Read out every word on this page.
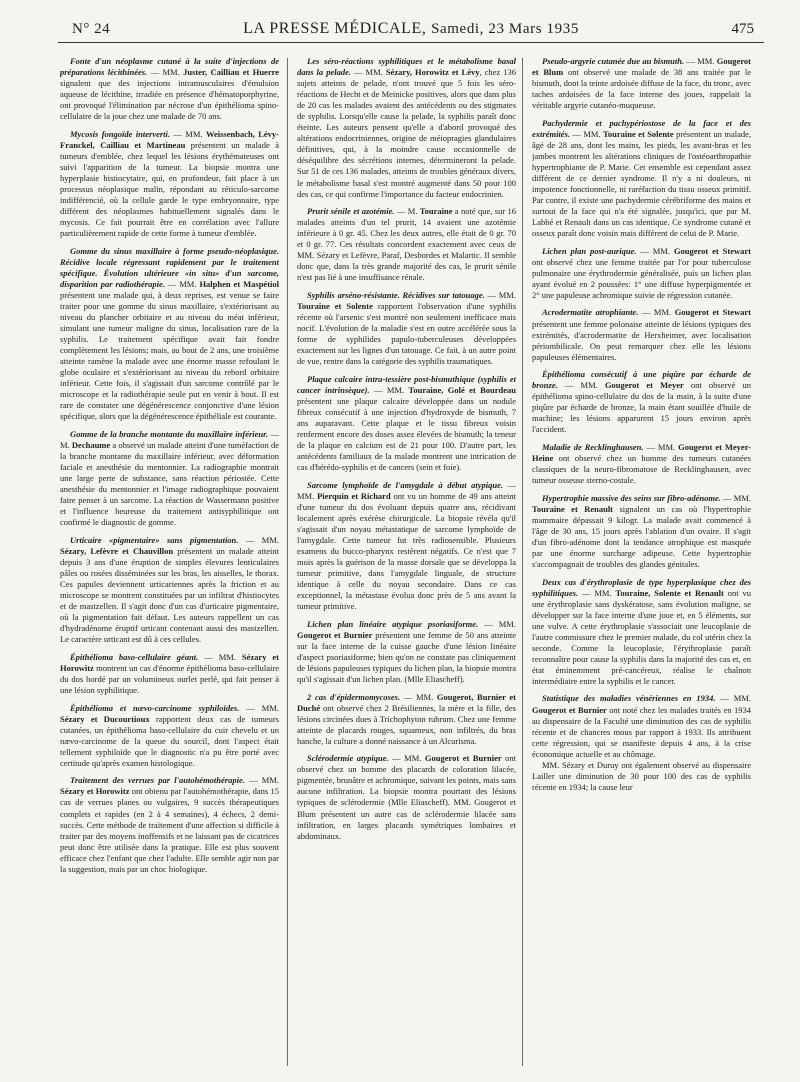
N° 24	LA PRESSE MÉDICALE, Samedi, 23 Mars 1935	475

Fonte d'un néoplasme cutané à la suite d'injections de préparations lécithinées. — MM. Juster, Cailliau et Huerre signalent que des injections intramusculaires d'émulsion aqueuse de lécithine, irradiée en présence d'hématoporphyrine, ont provoqué l'élimination par nécrose d'un épithélioma spino-cellulaire de la joue chez une malade de 70 ans.

Mycosis fongoïde interverti. — MM. Weissenbach, Lévy-Franckel, Cailliau et Martineau présentent un malade à tumeurs d'emblée, chez lequel les lésions érythémateuses ont suivi l'apparition de la tumeur. La biopsie montra une hyperplasie histiocytaire, qui, en profondeur, fait place à un processus néoplasique malin, répondant au réticulo-sarcome indifférencié, où la cellule garde le type embryonnaire, type différent des néoplasmes habituellement signalés dans le mycosis. Ce fait pourrait être en corrélation avec l'allure particulièrement rapide de cette forme à tumeur d'emblée.

Gomme du sinus maxillaire à forme pseudo-néoplasique. Récidive locale régressant rapidement par le traitement spécifique. Évolution ultérieure «in situ» d'un sarcome, disparition par radiothérapie. — MM. Halphen et Maspétiol présentent une malade qui, à deux reprises, est venue se faire traiter pour une gomme du sinus maxillaire, s'extériorisant au niveau du plancher orbitaire et au niveau du méat inférieur, simulant une tumeur maligne du sinus, localisation rare de la syphilis. Le traitement spécifique avait fait fondre complètement les lésions; mais, au bout de 2 ans, une troisième atteinte ramène la malade avec une énorme masse refoulant le globe oculaire et s'extériorisant au niveau du rebord orbitaire inférieur. Cette fois, il s'agissait d'un sarcome contrôlé par le microscope et la radiothérapie seule put en venir à bout. Il est rare de constater une dégénérescence conjonctive d'une lésion spécifique, alors que la dégénérescence épithéliale est courante.

Gomme de la branche montante du maxillaire inférieur. — M. Dechaume a observé un malade atteint d'une tuméfaction de la branche montante du maxillaire inférieur, avec déformation faciale et anesthésie du mentonnier. La radiographie montrait une large perte de substance, sans réaction périostée. Cette anesthésie du mentonnier et l'image radiographique pouvaient faire penser à un sarcome. La réaction de Wassermann positive et l'influence heureuse du traitement antisyphilitique ont confirmé le diagnostic de gomme.

Urticaire «pigmentaire» sans pigmentation. — MM. Sézary, Lefèvre et Chauvillon présentent un malade atteint depuis 3 ans d'une éruption de simples élevures lenticulaires pâles ou rosées disséminées sur les bras, les aisselles, le thorax. Ces papules deviennent urticariennes après la friction et au microscope se montrent constituées par un infiltrat d'histiocytes et de mastzellen. Il s'agit donc d'un cas d'urticaire pigmentaire, où la pigmentation fait défaut. Les auteurs rappellent un cas d'hydradénome éruptif urticant contenant aussi des mastzellen. Le caractère urticant est dû à ces cellules.

Épithélioma baso-cellulaire géant. — MM. Sézary et Horowitz montrent un cas d'énorme épithélioma baso-cellulaire du dos bordé par un volumineux ourlet perlé, qui fait penser à une lésion syphilitique.

Épithélioma et nævo-carcinome syphiloïdes. — MM. Sézary et Ducourtioux rapportent deux cas de tumeurs cutanées, un épithélioma baso-cellulaire du cuir chevelu et un nævo-carcinome de la queue du sourcil, dont l'aspect était tellement syphiloïde que le diagnostic n'a pu être porté avec certitude qu'après examen histologique.

Traitement des verrues par l'autohémothérapie. — MM. Sézary et Horowitz ont obtenu par l'autohémothérapie, dans 15 cas de verrues planes ou vulgaires, 9 succès thérapeutiques complets et rapides (en 2 à 4 semaines), 4 échecs, 2 demi-succès. Cette méthode de traitement d'une affection si difficile à traiter par des moyens inoffensifs et ne laissant pas de cicatrices peut donc être utilisée dans la pratique. Elle est plus souvent efficace chez l'enfant que chez l'adulte. Elle semble agir non par la suggestion, mais par un choc biologique.

Les séro-réactions syphilitiques et le métabolisme basal dans la pelade. — MM. Sézary, Horowitz et Lévy, chez 136 sujets atteints de pelade, n'ont trouvé que 5 fois les séro-réactions de Hecht et de Meinicke positives, alors que dans plus de 20 cas les malades avaient des antécédents ou des stigmates de syphilis. Lorsqu'elle cause la pelade, la syphilis paraît donc éteinte. Les auteurs pensent qu'elle a d'abord provoqué des altérations endocriniennes, origine de méiopragies glandulaires définitives, qui, à la moindre cause occasionnelle de déséquilibre des sécrétions internes, détermineront la pelade. Sur 51 de ces 136 malades, atteints de troubles généraux divers, le métabolisme basal s'est montré augmenté dans 50 pour 100 des cas, ce qui confirme l'importance du facteur endocrinien.

Prurit sénile et azotémie. — M. Touraine a noté que, sur 16 malades atteints d'un tel prurit, 14 avaient une azotémie inférieure à 0 gr. 45. Chez les deux autres, elle était de 0 gr. 70 et 0 gr. 77. Ces résultats concordent exactement avec ceux de MM. Sézary et Lefèvre, Paraf, Desbordes et Malartic. Il semble donc que, dans la très grande majorité des cas, le prurit sénile n'est pas lié à une insuffisance rénale.

Syphilis arséno-résistante. Récidives sur tatouage. — MM. Touraine et Solente rapportent l'observation d'une syphilis récente où l'arsenic s'est montré non seulement inefficace mais nocif. L'évolution de la maladie s'est en outre accélérée sous la forme de syphilides papulo-tuberculeuses développées exactement sur les lignes d'un tatouage. Ce fait, à un autre point de vue, rentre dans la catégorie des syphilis traumatiques.

Plaque calcaire intra-tessière post-bismuthique (syphilis et cancer intrinsèque). — MM. Touraine, Golé et Bourdeau présentent une plaque calcaire développée dans un nodule fibreux consécutif à une injection d'hydroxyde de bismuth, 7 ans auparavant. Cette plaque et le tissu fibreux voisin renferment encore des doses assez élevées de bismuth; la teneur de la plaque en calcium est de 21 pour 100. D'autre part, les antécédents familiaux de la malade montrent une intrication de cas d'hérédo-syphilis et de cancers (sein et foie).

Sarcome lymphoïde de l'amygdale à début atypique. — MM. Pierquin et Richard ont vu un homme de 49 ans atteint d'une tumeur du dos évoluant depuis quatre ans, récidivant localement après exérèse chirurgicale. La biopsie révéla qu'il s'agissait d'un noyau métastatique de sarcome lymphoïde de l'amygdale. Cette tumeur fut très radiosensible. Plusieurs examens du bucco-pharynx restèrent négatifs. Ce n'est que 7 mois après la guérison de la masse dorsale que se développa la tumeur primitive, dans l'amygdale linguale, de structure identique à celle du noyau secondaire. Dans ce cas exceptionnel, la métastase évolua donc près de 5 ans avant la tumeur primitive.

Lichen plan linéaire atypique psoriasiforme. — MM. Gougerot et Burnier présentent une femme de 50 ans atteinte sur la face interne de la cuisse gauche d'une lésion linéaire d'aspect psoriasiforme; bien qu'on ne constate pas cliniquement de lésions papuleuses typiques du lichen plan, la biopsie montra qu'il s'agissait d'un lichen plan. (Mlle Eliascheff).

2 cas d'épidermomycoses. — MM. Gougerot, Burnier et Duché ont observé chez 2 Brésiliennes, la mère et la fille, des lésions circinées dues à Trichophyton rubrum. Chez une femme atteinte de placards rouges, squameux, non infiltrés, du bras hanche, la culture a donné naissance à un Alcurisma.

Sclérodermie atypique. — MM. Gougerot et Burnier ont observé chez un homme des placards de coloration lilacée, pigmentée, brunâtre et achromique, suivant les points, mais sans aucune infiltration. La biopsie montra pourtant des lésions typiques de sclérodermie (Mlle Eliascheff). MM. Gougerot et Blum présentent un autre cas de sclérodermie lilacée sans infiltration, en larges placards symétriques lombaires et abdominaux.

Pseudo-argyrie cutanée due au bismuth. — MM. Gougerot et Blum ont observé une malade de 38 ans traitée par le bismuth, dont la teinte ardoisée diffuse de la face, du tronc, avec taches ardoisées de la face interne des joues, rappelait la véritable argyrie cutanéo-muqueuse.

Pachydermie et pachypériostose de la face et des extrémités. — MM. Touraine et Solente présentent un malade, âgé de 28 ans, dont les mains, les pieds, les avant-bras et les jambes montrent les altérations cliniques de l'ostéoarthropathie hypertrophiante de P. Marie. Cet ensemble est cependant assez différent de ce dernier syndrome. Il n'y a ni douleurs, ni impotence fonctionnelle, ni raréfaction du tissu osseux primitif. Par contre, il existe une pachydermie cérébriforme des mains et surtout de la face qui n'a été signalée, jusqu'ici, que par M. Labbé et Renault dans un cas identique. Ce syndrome cutané et osseux paraît donc voisin mais différent de celui de P. Marie.

Lichen plan post-aurique. — MM. Gougerot et Stewart ont observé chez une femme traitée par l'or pour tuberculose pulmonaire une érythrodermie généralisée, puis un lichen plan ayant évolué en 2 poussées: 1° une diffuse hyperpigmentée et 2° une papuleuse achromique suivie de régression cutanée.

Acrodermatite atrophiante. — MM. Gougerot et Stewart présentent une femme polonaise atteinte de lésions typiques des extrémités, d'acrodermatite de Herxheimer, avec localisation périombilicale. On peut remarquer chez elle les lésions papuleuses élémentaires.

Épithélioma consécutif à une piqûre par écharde de bronze. — MM. Gougerot et Meyer ont observé un épithélioma spino-cellulaire du dos de la main, à la suite d'une piqûre par écharde de bronze, la main étant souillée d'huile de machine; les lésions apparurent 15 jours environ après l'accident.

Maladie de Recklinghausen. — MM. Gougerot et Meyer-Heine ont observé chez un homme des tumeurs cutanées classiques de la neuro-fibromatose de Recklinghausen, avec tumeur osseuse sterno-costale.

Hypertrophie massive des seins sur fibro-adénome. — MM. Touraine et Renault signalent un cas où l'hypertrophie mammaire dépassait 9 kilogr. La malade avait commencé à l'âge de 30 ans, 15 jours après l'ablation d'un ovaire. Il s'agit d'un fibro-adénome dont la tendance atrophique est masquée par une énorme surcharge adipeuse. Cette hypertrophie s'accompagnait de troubles des glandes génitales.

Deux cas d'érythroplasie de type hyperplasique chez des syphilitiques. — MM. Touraine, Solente et Renault ont vu une érythroplasie sans dyskératose, sans évolution maligne, se développer sur la face interne d'une joue et, en 5 éléments, sur une vulve. A cette érythroplasie s'associait une leucoplasie de l'autre commissure chez le premier malade, du col utérin chez la seconde. Comme la leucoplasie, l'érythroplasie paraît reconnaître pour cause la syphilis dans la majorité des cas et, en état éminemment pré-cancéreux, réalise le chaînon intermédiaire entre la syphilis et le cancer.

Statistique des maladies vénériennes en 1934. — MM. Gougerot et Burnier ont noté chez les malades traités en 1934 au dispensaire de la Faculté une diminution des cas de syphilis récente et de chancres mous par rapport à 1933. Ils attribuent cette régression, qui se manifeste depuis 4 ans, à la crise économique actuelle et au chômage.

MM. Sézary et Duruy ont également observé au dispensaire Lailler une diminution de 30 pour 100 des cas de syphilis récente en 1934; la cause leur
